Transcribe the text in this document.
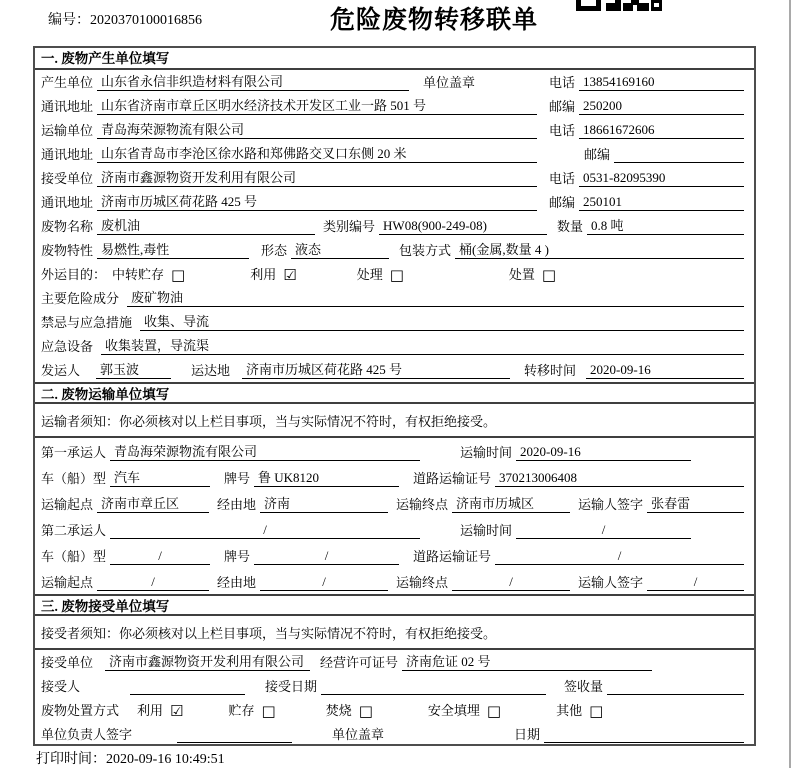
编号：2020370100016856	危险废物转移联单
一. 废物产生单位填写
产生单位 山东省永信非织造材料有限公司	单位盖章	电话 13854169160
通讯地址 山东省济南市章丘区明水经济技术开发区工业一路 501 号	邮编 250200
运输单位 青岛海荣源物流有限公司	电话 18661672606
通讯地址 山东省青岛市李沧区徐水路和郑佛路交叉口东侧 20 米	邮编
接受单位 济南市鑫源物资开发利用有限公司	电话 0531-82095390
通讯地址 济南市历城区荷花路 425 号	邮编 250101
废物名称 废机油	类别编号 HW08(900-249-08)	数量 0.8 吨
废物特性 易燃性,毒性	形态 液态	包装方式 桶(金属,数量 4 )
外运目的： 中转贮存 □	利用 ☑	处理 □	处置 □
主要危险成分 废矿物油
禁忌与应急措施 收集、导流
应急设备 收集装置，导流渠
发运人	郭玉波	运达地	济南市历城区荷花路 425 号	转移时间	2020-09-16
二. 废物运输单位填写
运输者须知：你必须核对以上栏目事项，当与实际情况不符时，有权拒绝接受。
第一承运人 青岛海荣源物流有限公司	运输时间 2020-09-16
车（船）型 汽车	牌号 鲁 UK8120	道路运输证号 370213006408
运输起点 济南市章丘区	经由地 济南	运输终点 济南市历城区	运输人签字 张春雷
第二承运人	/	运输时间	/
车（船）型	/	牌号	/	道路运输证号	/
运输起点	/	经由地	/	运输终点	/	运输人签字	/
三. 废物接受单位填写
接受者须知：你必须核对以上栏目事项，当与实际情况不符时，有权拒绝接受。
接受单位	济南市鑫源物资开发利用有限公司	经营许可证号 济南危证 02 号
接受人	接受日期	签收量
废物处置方式 利用 ☑	贮存 □	焚烧 □	安全填埋 □	其他 □
单位负责人签字	单位盖章	日期
打印时间：2020-09-16 10:49:51
